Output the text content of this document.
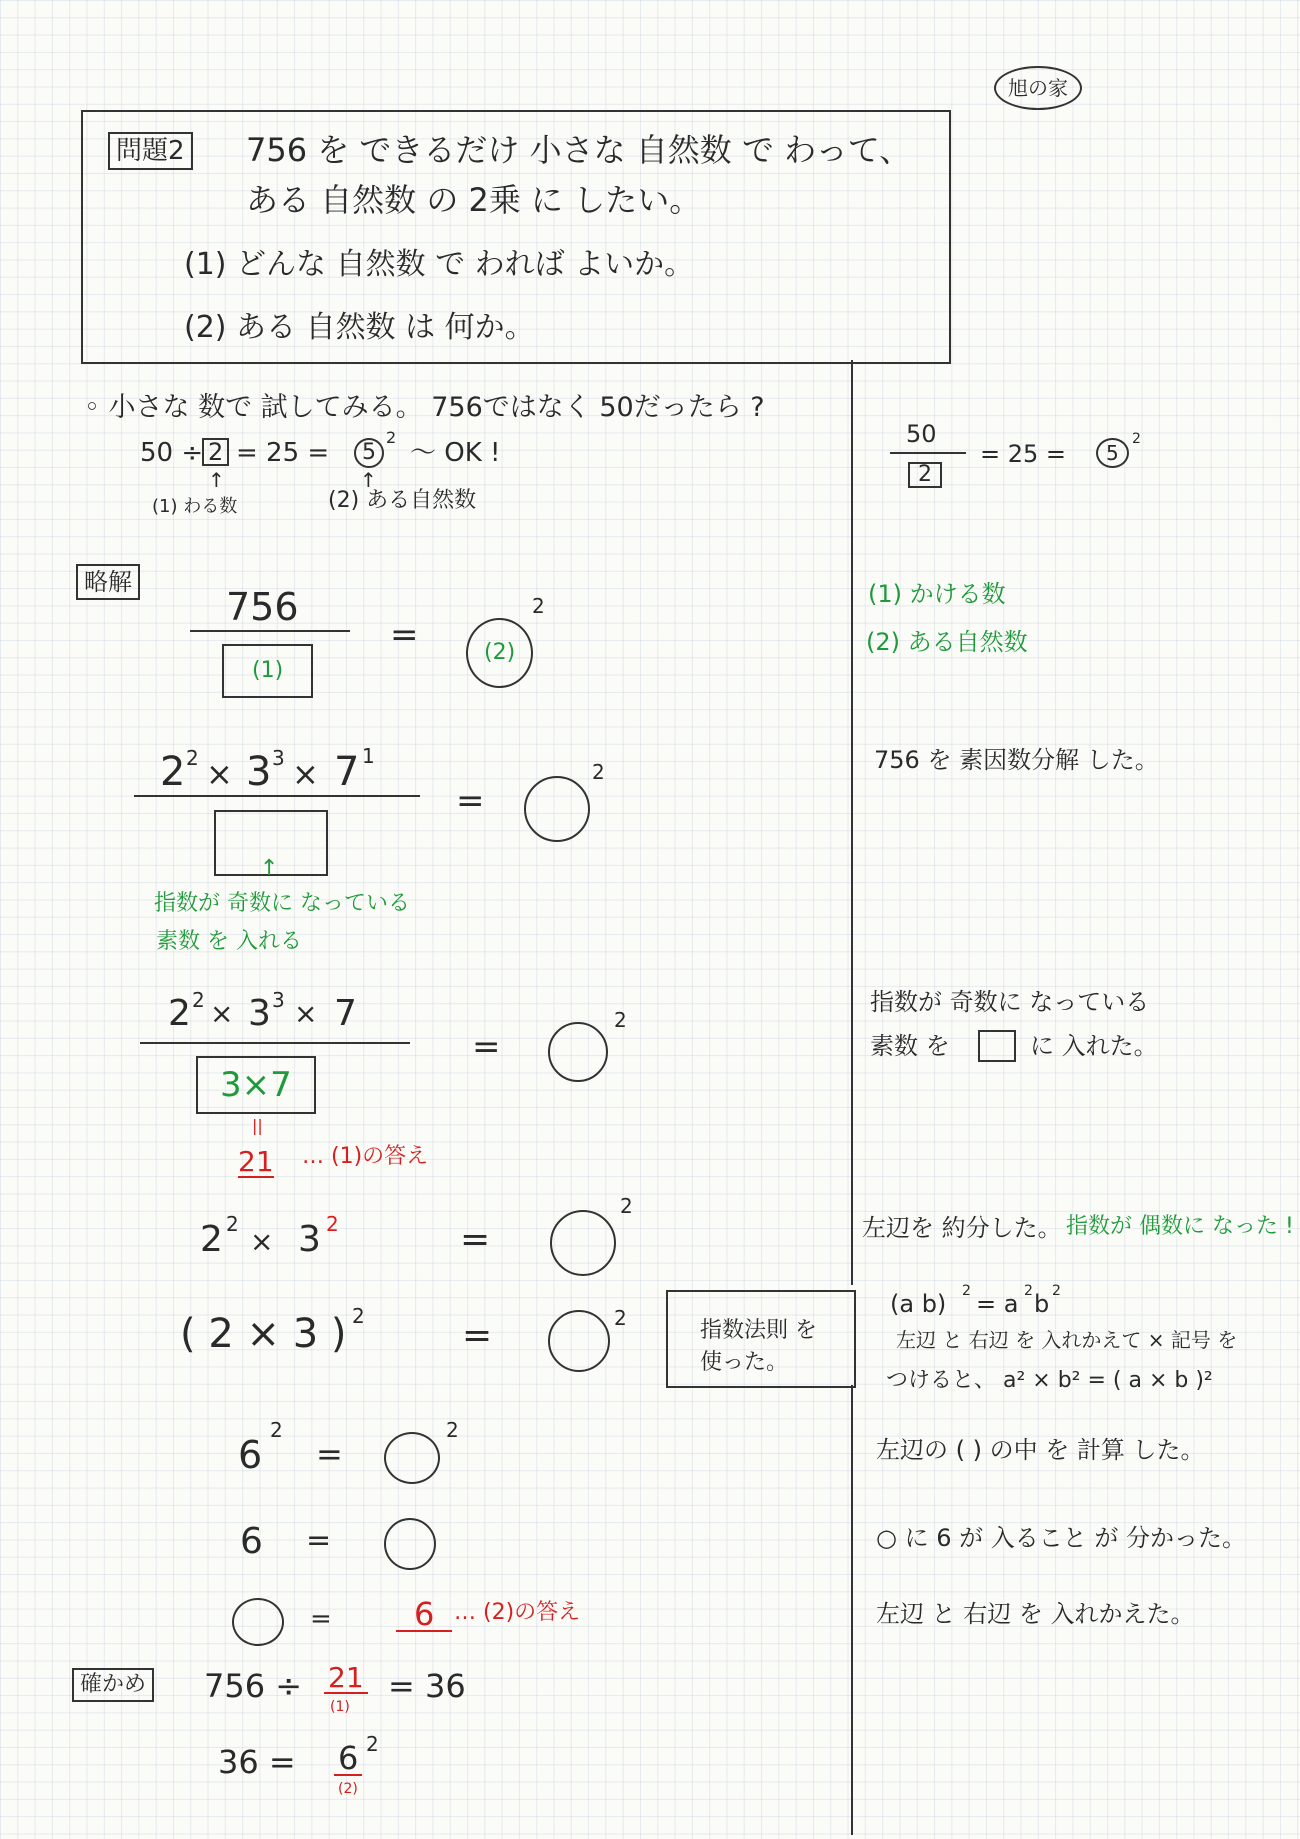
旭の家
問題2 756 を できるだけ 小さな 自然数 で わって、
ある 自然数 の 2乗 に したい。
(1) どんな 自然数 で われば よいか。
(2) ある 自然数 は 何か。
◦ 小さな 数で 試してみる。 756ではなく 50だったら ?
50 ÷ 2 = 25 =	5
2
〜 OK !
↑	↑
(1) わる数	(2) ある自然数
50
2
= 25 =	5
2
略解
756
(1)
=	(2)
2	(1) かける数
(2) ある自然数
2 2 × 3 3 × 7 1
=
2
↑
指数が 奇数に なっている
素数 を 入れる
756 を 素因数分解 した。
2 2 × 3 3 × 7
3×7
=
2
||
21 … (1)の答え
指数が 奇数に なっている
素数 を	に 入れた。
2 2
× 3 2	=
2
左辺を 約分した。 指数が 偶数に なった !
( 2 × 3 ) 2	=	2	指数法則 を
使った。
(a b) 2 = a 2 b 2
左辺 と 右辺 を 入れかえて × 記号 を
つけると、 a² × b² = ( a × b )²
6
2
=
2
左辺の ( ) の中 を 計算 した。
6 =	○ に 6 が 入ること が 分かった。
=	6 … (2)の答え	左辺 と 右辺 を 入れかえた。
確かめ 756 ÷ 21
(1)
= 36
36 = 6 2
(2)
